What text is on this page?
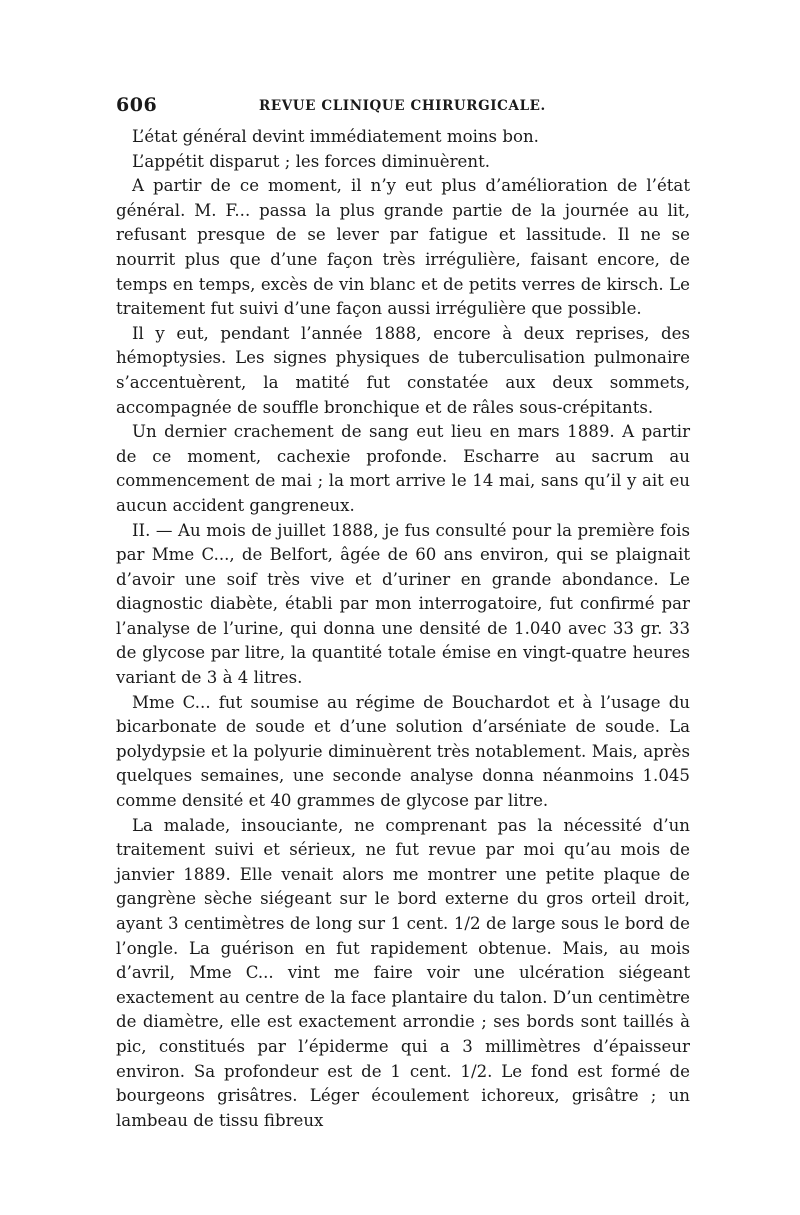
606	REVUE CLINIQUE CHIRURGICALE.

L’état général devint immédiatement moins bon.

L’appétit disparut ; les forces diminuèrent.

A partir de ce moment, il n’y eut plus d’amélioration de l’état général. M. F... passa la plus grande partie de la journée au lit, refusant presque de se lever par fatigue et lassitude. Il ne se nourrit plus que d’une façon très irrégulière, faisant encore, de temps en temps, excès de vin blanc et de petits verres de kirsch. Le traitement fut suivi d’une façon aussi irrégulière que possible.

Il y eut, pendant l’année 1888, encore à deux reprises, des hémoptysies. Les signes physiques de tuberculisation pulmonaire s’accentuèrent, la matité fut constatée aux deux sommets, accompagnée de souffle bronchique et de râles sous-crépitants.

Un dernier crachement de sang eut lieu en mars 1889. A partir de ce moment, cachexie profonde. Escharre au sacrum au commencement de mai ; la mort arrive le 14 mai, sans qu’il y ait eu aucun accident gangreneux.

II. — Au mois de juillet 1888, je fus consulté pour la première fois par Mme C..., de Belfort, âgée de 60 ans environ, qui se plaignait d’avoir une soif très vive et d’uriner en grande abondance. Le diagnostic diabète, établi par mon interrogatoire, fut confirmé par l’analyse de l’urine, qui donna une densité de 1.040 avec 33 gr. 33 de glycose par litre, la quantité totale émise en vingt-quatre heures variant de 3 à 4 litres.

Mme C... fut soumise au régime de Bouchardot et à l’usage du bicarbonate de soude et d’une solution d’arséniate de soude. La polydypsie et la polyurie diminuèrent très notablement. Mais, après quelques semaines, une seconde analyse donna néanmoins 1.045 comme densité et 40 grammes de glycose par litre.

La malade, insouciante, ne comprenant pas la nécessité d’un traitement suivi et sérieux, ne fut revue par moi qu’au mois de janvier 1889. Elle venait alors me montrer une petite plaque de gangrène sèche siégeant sur le bord externe du gros orteil droit, ayant 3 centimètres de long sur 1 cent. 1/2 de large sous le bord de l’ongle. La guérison en fut rapidement obtenue. Mais, au mois d’avril, Mme C... vint me faire voir une ulcération siégeant exactement au centre de la face plantaire du talon. D’un centimètre de diamètre, elle est exactement arrondie ; ses bords sont taillés à pic, constitués par l’épiderme qui a 3 millimètres d’épaisseur environ. Sa profondeur est de 1 cent. 1/2. Le fond est formé de bourgeons grisâtres. Léger écoulement ichoreux, grisâtre ; un lambeau de tissu fibreux
